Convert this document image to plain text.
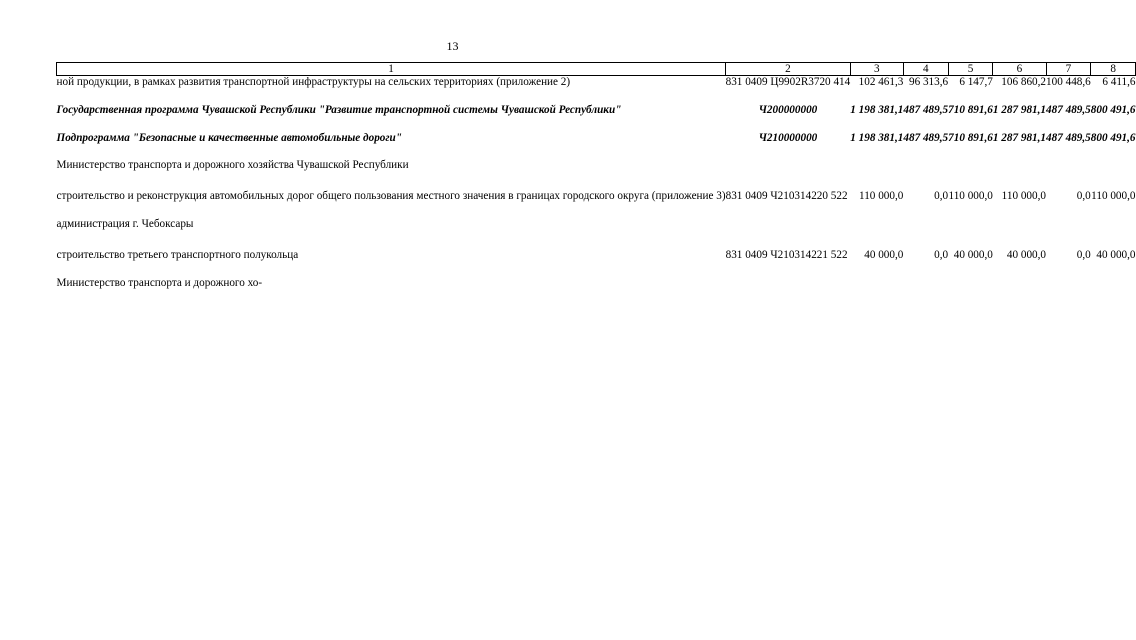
13
1	2	3	4	5	6	7	8
ной продукции, в рамках развития транспортной инфраструктуры на сельских территориях (приложение 2)	831 0409 Ц9902R3720 414	102 461,3	96 313,6	6 147,7	106 860,2	100 448,6	6 411,6

Государственная программа Чувашской Республики "Развитие транспортной системы Чувашской Республики"	Ч200000000	1 198 381,1	487 489,5	710 891,6	1 287 981,1	487 489,5	800 491,6

Подпрограмма "Безопасные и качественные автомобильные дороги"	Ч210000000	1 198 381,1	487 489,5	710 891,6	1 287 981,1	487 489,5	800 491,6

Министерство транспорта и дорожного хозяйства Чувашской Республики							

строительство и реконструкция автомобильных дорог общего пользования местного значения в границах городского округа (приложение 3)	831 0409 Ч210314220 522	110 000,0	0,0	110 000,0	110 000,0	0,0	110 000,0

администрация г. Чебоксары							

строительство третьего транспортного полукольца	831 0409 Ч210314221 522	40 000,0	0,0	40 000,0	40 000,0	0,0	40 000,0

Министерство транспорта и дорожного хо-							
